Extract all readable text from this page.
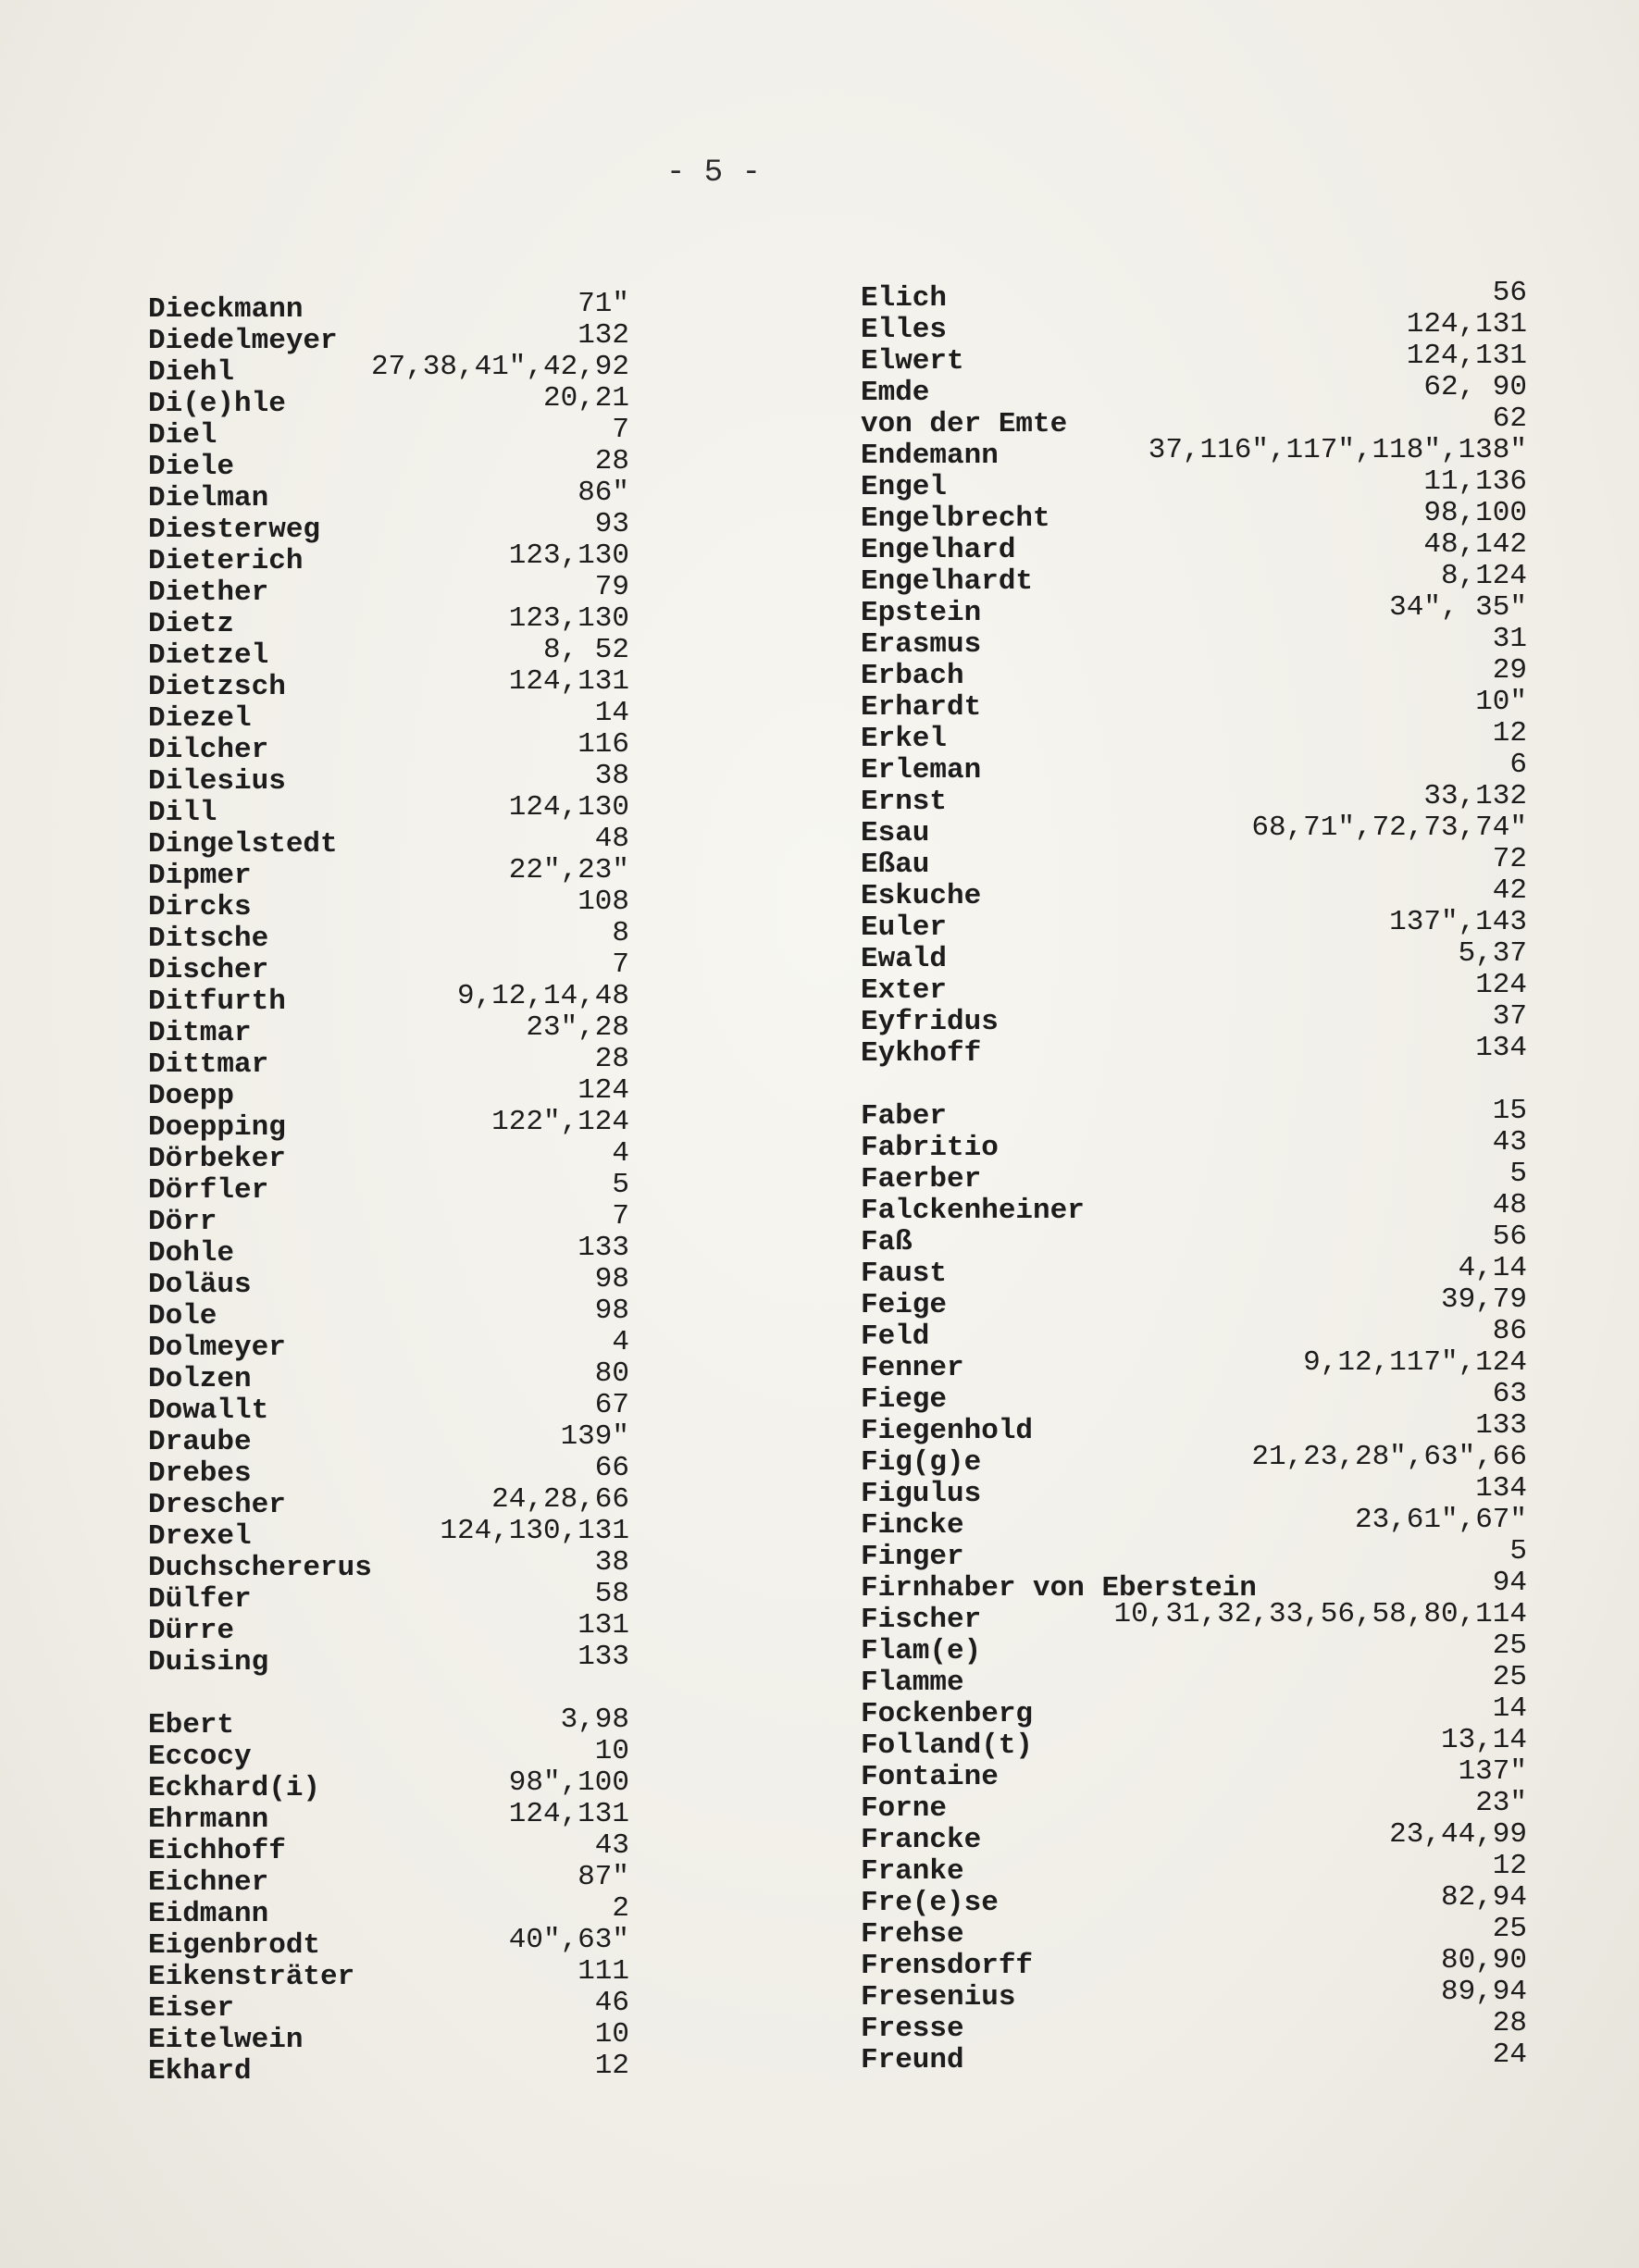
- 5 -
Dieckmann	71"
Diedelmeyer	132
Diehl	27,38,41",42,92
Di(e)hle	20,21
Diel	7
Diele	28
Dielman	86"
Diesterweg	93
Dieterich	123,130
Diether	79
Dietz	123,130
Dietzel	8, 52
Dietzsch	124,131
Diezel	14
Dilcher	116
Dilesius	38
Dill	124,130
Dingelstedt	48
Dipmer	22",23"
Dircks	108
Ditsche	8
Discher	7
Ditfurth	9,12,14,48
Ditmar	23",28
Dittmar	28
Doepp	124
Doepping	122",124
Dörbeker	4
Dörfler	5
Dörr	7
Dohle	133
Doläus	98
Dole	98
Dolmeyer	4
Dolzen	80
Dowallt	67
Draube	139"
Drebes	66
Drescher	24,28,66
Drexel	124,130,131
Duchschererus	38
Dülfer	58
Dürre	131
Duising	133
Ebert	3,98
Eccocy	10
Eckhard(i)	98",100
Ehrmann	124,131
Eichhoff	43
Eichner	87"
Eidmann	2
Eigenbrodt	40",63"
Eikensträter	111
Eiser	46
Eitelwein	10
Ekhard	12
Elich	56
Elles	124,131
Elwert	124,131
Emde	62, 90
von der Emte	62
Endemann	37,116",117",118",138"
Engel	11,136
Engelbrecht	98,100
Engelhard	48,142
Engelhardt	8,124
Epstein	34", 35"
Erasmus	31
Erbach	29
Erhardt	10"
Erkel	12
Erleman	6
Ernst	33,132
Esau	68,71",72,73,74"
Eßau	72
Eskuche	42
Euler	137",143
Ewald	5,37
Exter	124
Eyfridus	37
Eykhoff	134
Faber	15
Fabritio	43
Faerber	5
Falckenheiner	48
Faß	56
Faust	4,14
Feige	39,79
Feld	86
Fenner	9,12,117",124
Fiege	63
Fiegenhold	133
Fig(g)e	21,23,28",63",66
Figulus	134
Fincke	23,61",67"
Finger	5
Firnhaber von Eberstein	94
Fischer	10,31,32,33,56,58,80,114
Flam(e)	25
Flamme	25
Fockenberg	14
Folland(t)	13,14
Fontaine	137"
Forne	23"
Francke	23,44,99
Franke	12
Fre(e)se	82,94
Frehse	25
Frensdorff	80,90
Fresenius	89,94
Fresse	28
Freund	24
